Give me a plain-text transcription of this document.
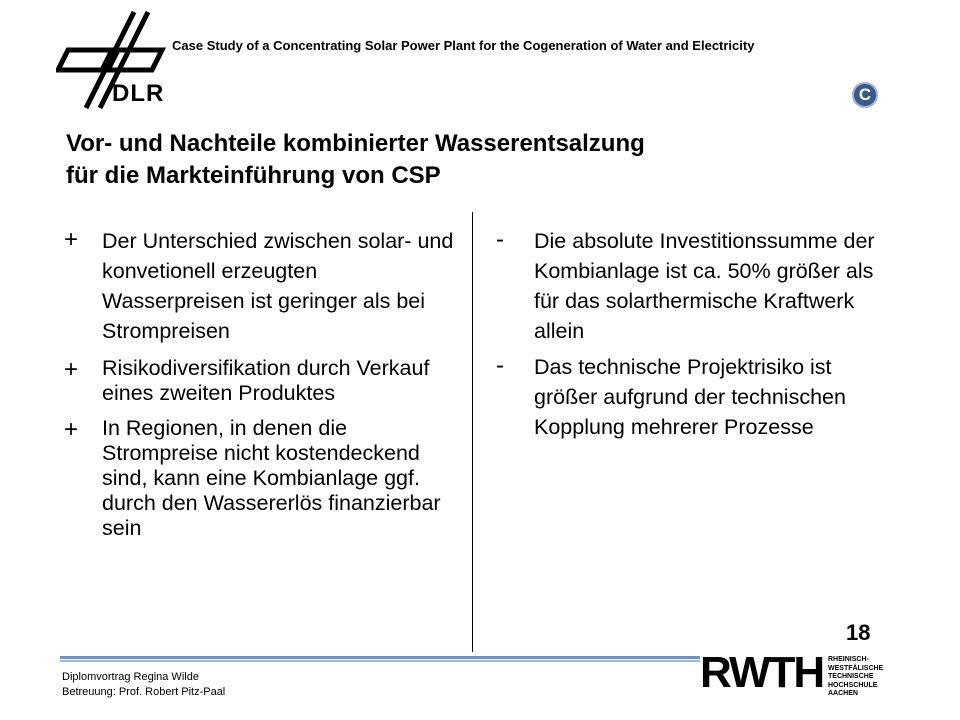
DLR
Case Study of a Concentrating Solar Power Plant for the Cogeneration of Water and Electricity
C
Vor- und Nachteile kombinierter Wasserentsalzung
für die Markteinführung von CSP
+	Der Unterschied zwischen solar- und konvetionell erzeugten Wasserpreisen ist geringer als bei Strompreisen
+	Risikodiversifikation durch Verkauf eines zweiten Produktes
+	In Regionen, in denen die Strompreise nicht kostendeckend sind, kann eine Kombianlage ggf. durch den Wassererlös finanzierbar sein
-	Die absolute Investitionssumme der Kombianlage ist ca. 50% größer als für das solarthermische Kraftwerk allein
-	Das technische Projektrisiko ist größer aufgrund der technischen Kopplung mehrerer Prozesse
18
Diplomvortrag Regina Wilde
Betreuung: Prof. Robert Pitz-Paal	RWTH RHEINISCH-
WESTFÄLISCHE
TECHNISCHE
HOCHSCHULE
AACHEN
